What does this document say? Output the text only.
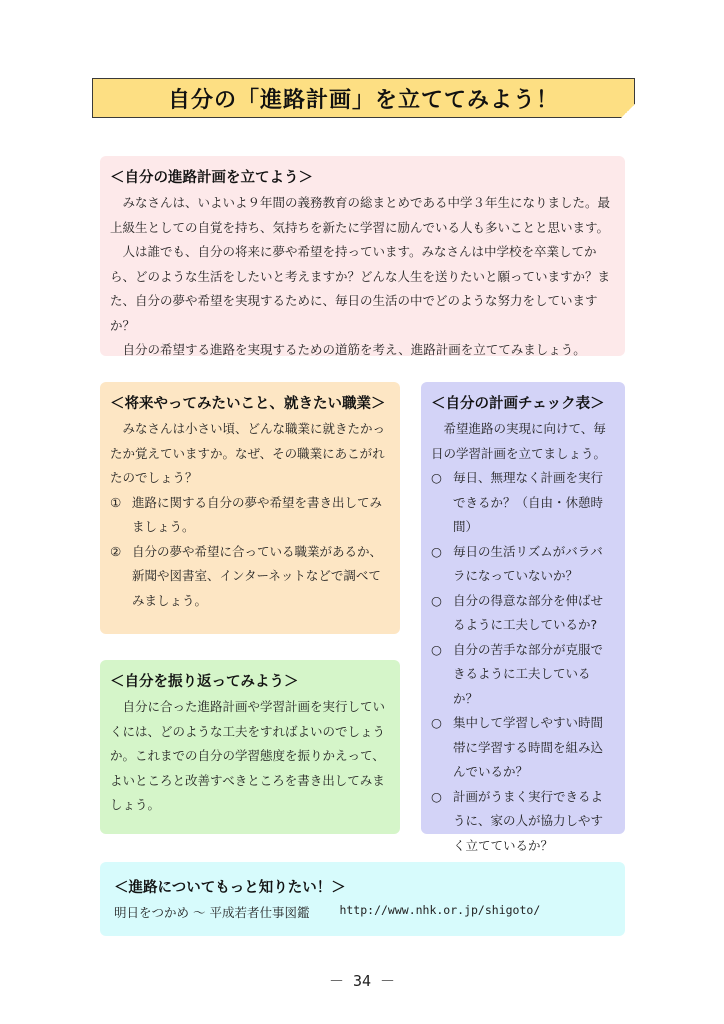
自分の「進路計画」を立ててみよう！
＜自分の進路計画を立てよう＞

みなさんは、いよいよ９年間の義務教育の総まとめである中学３年生になりました。最上級生としての自覚を持ち、気持ちを新たに学習に励んでいる人も多いことと思います。

人は誰でも、自分の将来に夢や希望を持っています。みなさんは中学校を卒業してから、どのような生活をしたいと考えますか？どんな人生を送りたいと願っていますか？また、自分の夢や希望を実現するために、毎日の生活の中でどのような努力をしていますか？

自分の希望する進路を実現するための道筋を考え、進路計画を立ててみましょう。

＜将来やってみたいこと、就きたい職業＞

みなさんは小さい頃、どんな職業に就きたかったか覚えていますか。なぜ、その職業にあこがれたのでしょう？

① 進路に関する自分の夢や希望を書き出してみましょう。
② 自分の夢や希望に合っている職業があるか、新聞や図書室、インターネットなどで調べてみましょう。
＜自分の計画チェック表＞

希望進路の実現に向けて、毎日の学習計画を立てましょう。

○ 毎日、無理なく計画を実行できるか？（自由・休憩時間）
○ 毎日の生活リズムがバラバラになっていないか？
○ 自分の得意な部分を伸ばせるように工夫しているか?
○ 自分の苦手な部分が克服できるように工夫しているか？
○ 集中して学習しやすい時間帯に学習する時間を組み込んでいるか？
○ 計画がうまく実行できるように、家の人が協力しやすく立てているか？
＜自分を振り返ってみよう＞

自分に合った進路計画や学習計画を実行していくには、どのような工夫をすればよいのでしょうか。これまでの自分の学習態度を振りかえって、よいところと改善すべきところを書き出してみましょう。

＜進路についてもっと知りたい！＞
明日をつかめ ～ 平成若者仕事図鑑	http://www.nhk.or.jp/shigoto/
－ 34 －
